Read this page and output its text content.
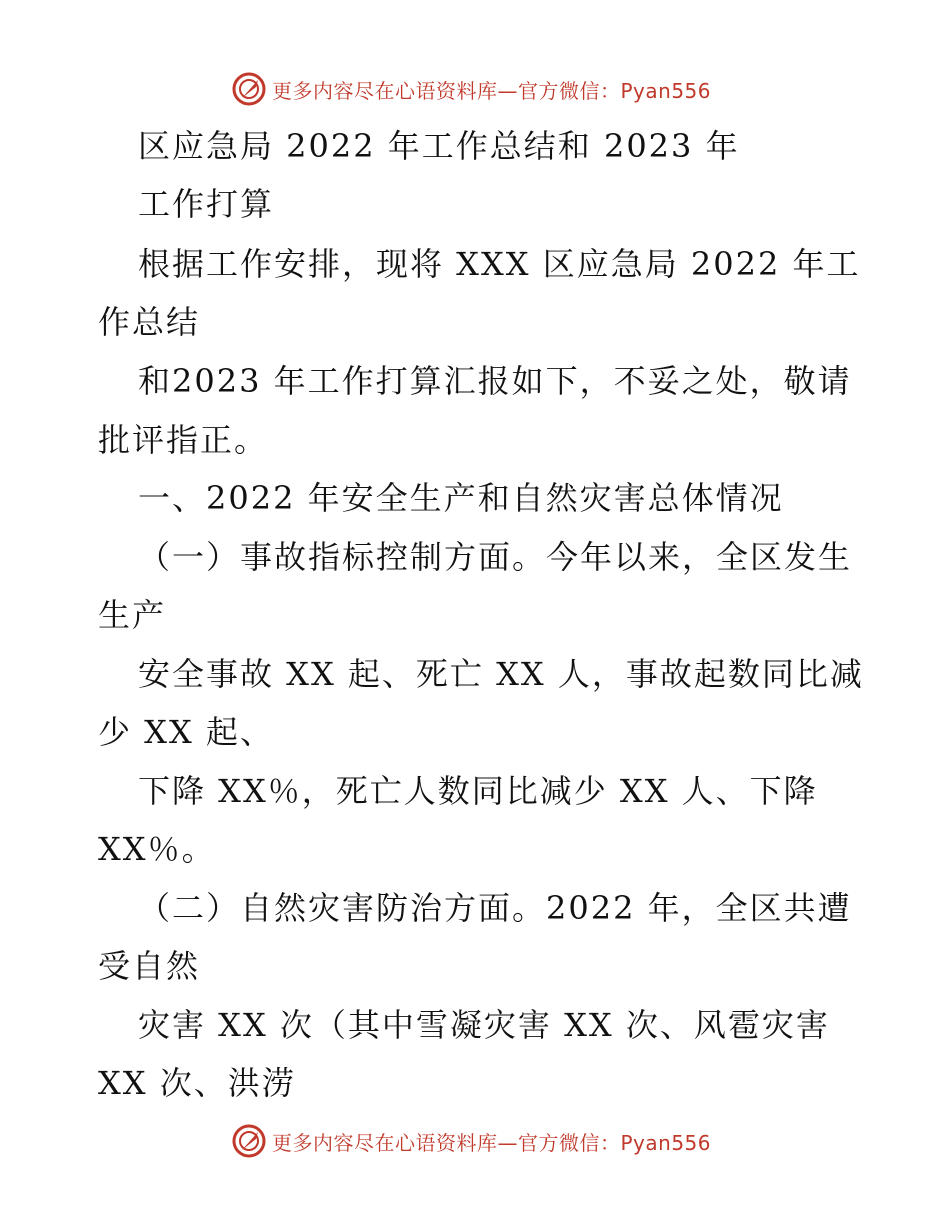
更多内容尽在心语资料库—官方微信：Pyan556
区应急局 2022 年工作总结和 2023 年
工作打算
根据工作安排，现将 XXX 区应急局 2022 年工
作总结
和2023 年工作打算汇报如下，不妥之处，敬请
批评指正。
一、2022 年安全生产和自然灾害总体情况
（一）事故指标控制方面。今年以来，全区发生
生产
安全事故 XX 起、死亡 XX 人，事故起数同比减
少 XX 起、
下降 XX％，死亡人数同比减少 XX 人、下降
XX％。
（二）自然灾害防治方面。2022 年，全区共遭
受自然
灾害 XX 次（其中雪凝灾害 XX 次、风雹灾害
XX 次、洪涝
更多内容尽在心语资料库—官方微信：Pyan556
